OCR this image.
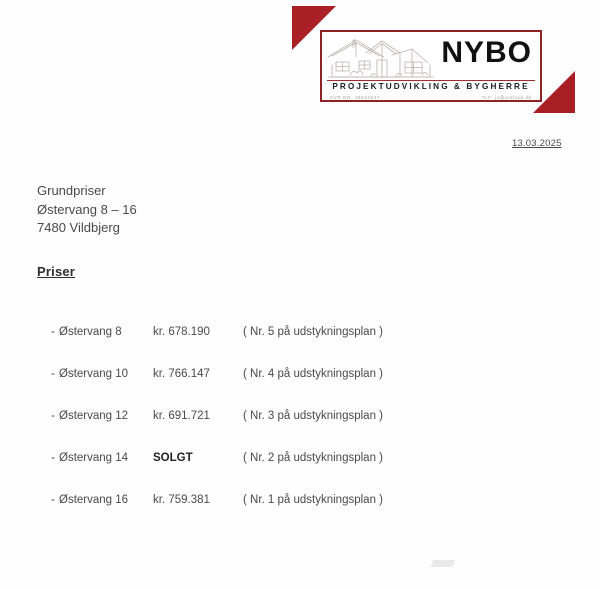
NYBO
PROJEKTUDVIKLING & BYGHERRE
CVR NR. 18610647	TLF. jn@outlook.dk
13.03.2025
Grundpriser
Østervang 8 – 16
7480 Vildbjerg
Priser
- Østervang 8	kr. 678.190	( Nr. 5 på udstykningsplan )
- Østervang 10	kr. 766.147	( Nr. 4 på udstykningsplan )
- Østervang 12	kr. 691.721	( Nr. 3 på udstykningsplan )
- Østervang 14	SOLGT	( Nr. 2 på udstykningsplan )
- Østervang 16	kr. 759.381	( Nr. 1 på udstykningsplan )
